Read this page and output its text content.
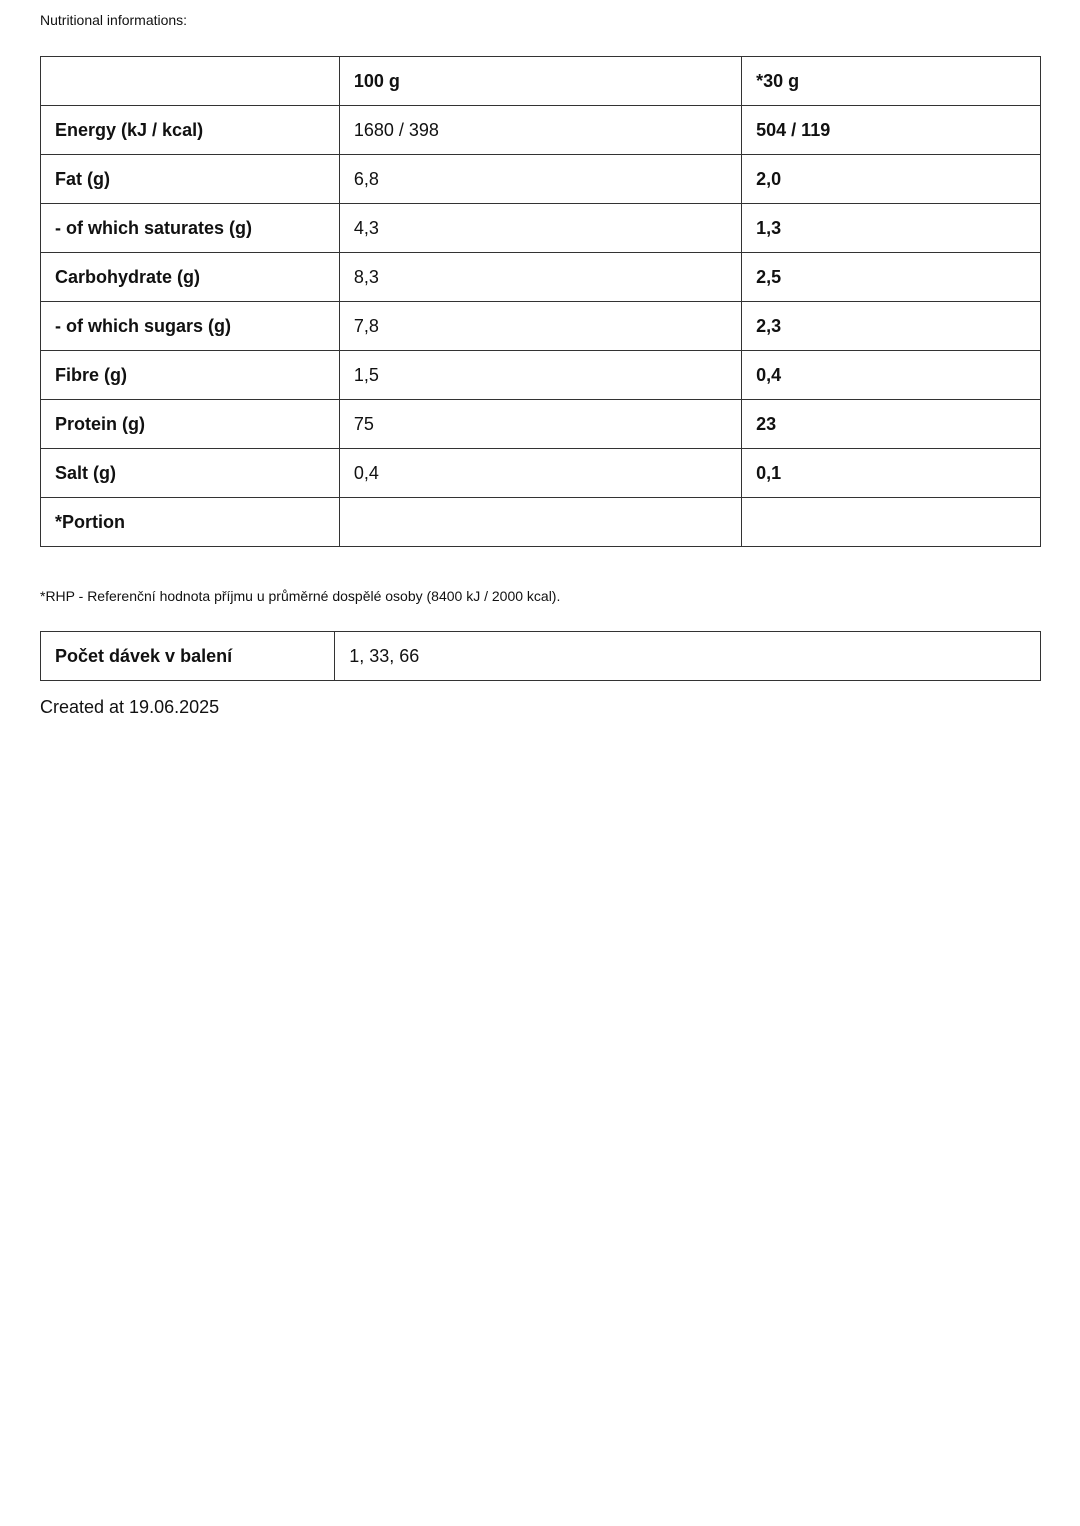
Nutritional informations:
	100 g	*30 g
Energy (kJ / kcal)	1680 / 398	504 / 119
Fat (g)	6,8	2,0
- of which saturates (g)	4,3	1,3
Carbohydrate (g)	8,3	2,5
- of which sugars (g)	7,8	2,3
Fibre (g)	1,5	0,4
Protein (g)	75	23
Salt (g)	0,4	0,1
*Portion		
*RHP - Referenční hodnota příjmu u průměrné dospělé osoby (8400 kJ / 2000 kcal).
Počet dávek v balení	1, 33, 66
Created at 19.06.2025
